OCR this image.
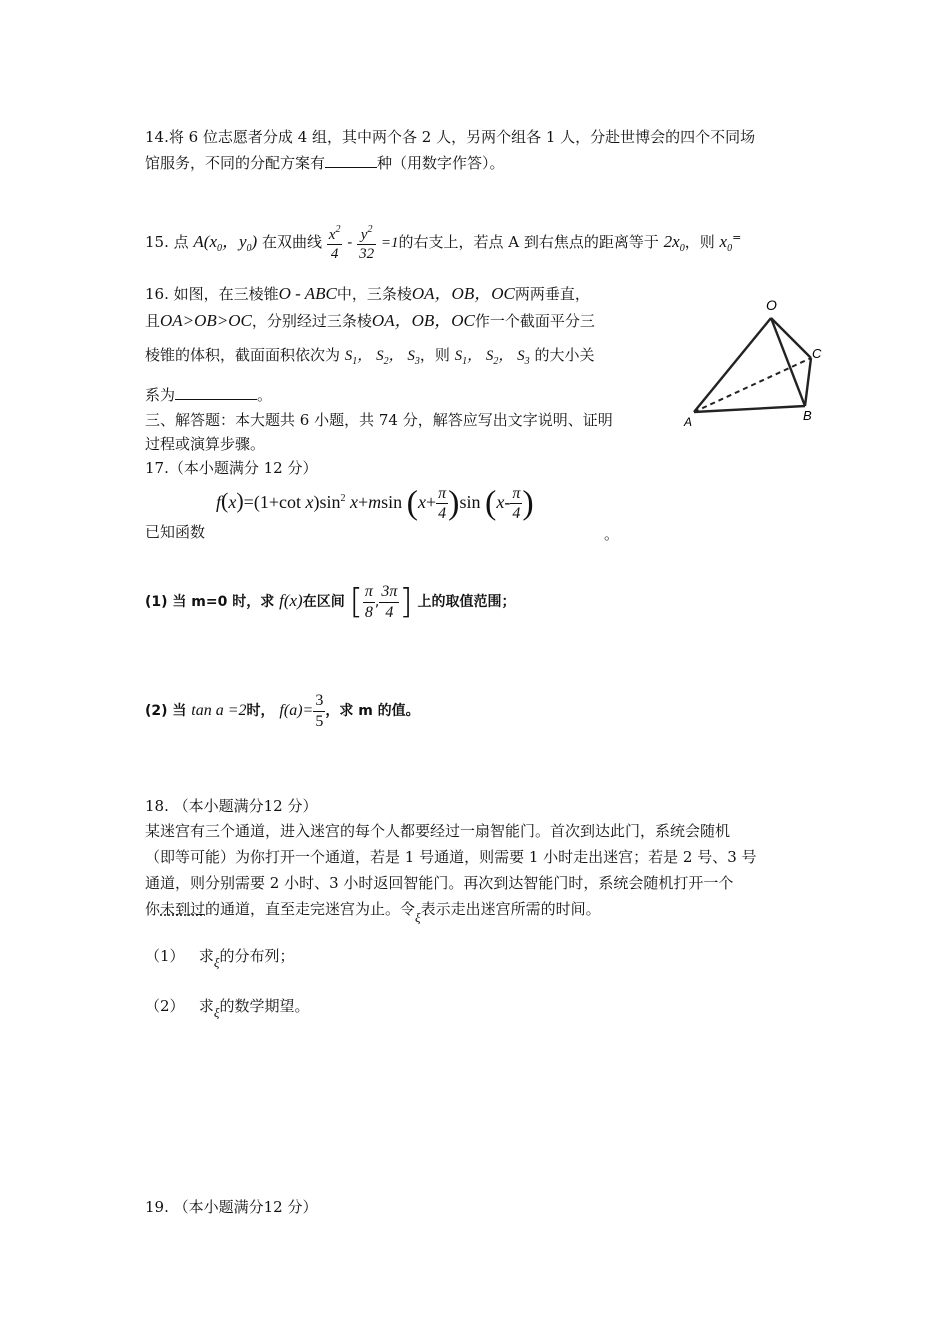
14.将 6 位志愿者分成 4 组，其中两个各 2 人，另两个组各 1 人，分赴世博会的四个不同场
馆服务，不同的分配方案有	种（用数字作答）。
15. 点 $A(x_0$，$y_0$) 在双曲线 $\frac{x^2}{4} - \frac{y^2}{32} =1$的右支上，若点 A 到右焦点的距离等于 $2x_0$，则 $x_0^=$
16. 如图，在三棱锥O - ABC中，三条棱OA，OB，OC两两垂直，
且OA>OB>OC，分别经过三条棱OA，OB，OC作一个截面平分三
棱锥的体积，截面面积依次为 $S_1$， $S_2$， $S_3$，则 $S_1$， $S_2$， $S_3$ 的大小关
系为	。
O
A	B
C
三、解答题：本大题共 6 小题，共 74 分，解答应写出文字说明、证明
过程或演算步骤。
17.（本小题满分 12 分）
f(x)=(1+cot $x)\sin^2$ x+msin $(x+ \frac{\pi}{4} )\sin$ ($x- \frac{\pi}{4}$ )
已知函数	。
(1) 当 m=0 时，求 f(x)在区间 [ $\frac{\pi}{8}$ , $\frac{3\pi}{4}$ ] 上的取值范围；
(2) 当 tan a =2时， $f(a)= \frac{3}{5}$ ，求 m 的值。
18. （本小题满分12 分）
某迷宫有三个通道，进入迷宫的每个人都要经过一扇智能门。首次到达此门，系统会随机
（即等可能）为你打开一个通道，若是 1 号通道，则需要 1 小时走出迷宫；若是 2 号、3 号
通道，则分别需要 2 小时、3 小时返回智能门。再次到达智能门时，系统会随机打开一个
你未到过的通道，直至走完迷宫为止。令ξ表示走出迷宫所需的时间。
（1） 求ξ的分布列；
（2） 求ξ的数学期望。
19. （本小题满分12 分）
